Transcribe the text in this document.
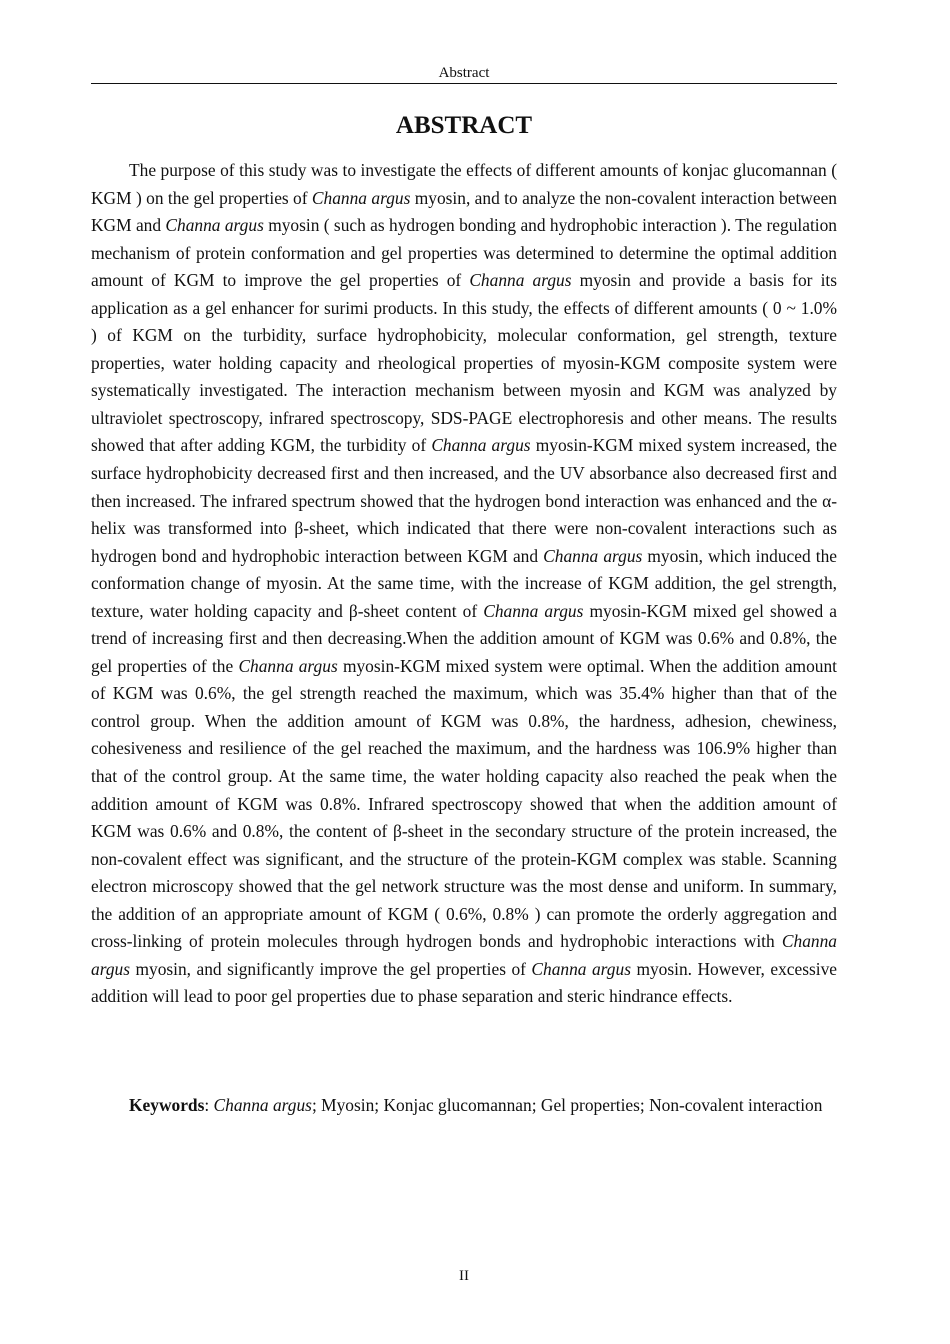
Abstract
ABSTRACT

The purpose of this study was to investigate the effects of different amounts of konjac glucomannan ( KGM ) on the gel properties of Channa argus myosin, and to analyze the non-covalent interaction between KGM and Channa argus myosin ( such as hydrogen bonding and hydrophobic interaction ). The regulation mechanism of protein conformation and gel properties was determined to determine the optimal addition amount of KGM to improve the gel properties of Channa argus myosin and provide a basis for its application as a gel enhancer for surimi products. In this study, the effects of different amounts ( 0 ~ 1.0% ) of KGM on the turbidity, surface hydrophobicity, molecular conformation, gel strength, texture properties, water holding capacity and rheological properties of myosin-KGM composite system were systematically investigated. The interaction mechanism between myosin and KGM was analyzed by ultraviolet spectroscopy, infrared spectroscopy, SDS-PAGE electrophoresis and other means. The results showed that after adding KGM, the turbidity of Channa argus myosin-KGM mixed system increased, the surface hydrophobicity decreased first and then increased, and the UV absorbance also decreased first and then increased. The infrared spectrum showed that the hydrogen bond interaction was enhanced and the α-helix was transformed into β-sheet, which indicated that there were non-covalent interactions such as hydrogen bond and hydrophobic interaction between KGM and Channa argus myosin, which induced the conformation change of myosin. At the same time, with the increase of KGM addition, the gel strength, texture, water holding capacity and β-sheet content of Channa argus myosin-KGM mixed gel showed a trend of increasing first and then decreasing.When the addition amount of KGM was 0.6% and 0.8%, the gel properties of the Channa argus myosin-KGM mixed system were optimal. When the addition amount of KGM was 0.6%, the gel strength reached the maximum, which was 35.4% higher than that of the control group. When the addition amount of KGM was 0.8%, the hardness, adhesion, chewiness, cohesiveness and resilience of the gel reached the maximum, and the hardness was 106.9% higher than that of the control group. At the same time, the water holding capacity also reached the peak when the addition amount of KGM was 0.8%. Infrared spectroscopy showed that when the addition amount of KGM was 0.6% and 0.8%, the content of β-sheet in the secondary structure of the protein increased, the non-covalent effect was significant, and the structure of the protein-KGM complex was stable. Scanning electron microscopy showed that the gel network structure was the most dense and uniform. In summary, the addition of an appropriate amount of KGM ( 0.6%, 0.8% ) can promote the orderly aggregation and cross-linking of protein molecules through hydrogen bonds and hydrophobic interactions with Channa argus myosin, and significantly improve the gel properties of Channa argus myosin. However, excessive addition will lead to poor gel properties due to phase separation and steric hindrance effects.

Keywords: Channa argus; Myosin; Konjac glucomannan; Gel properties; Non-covalent interaction

II
